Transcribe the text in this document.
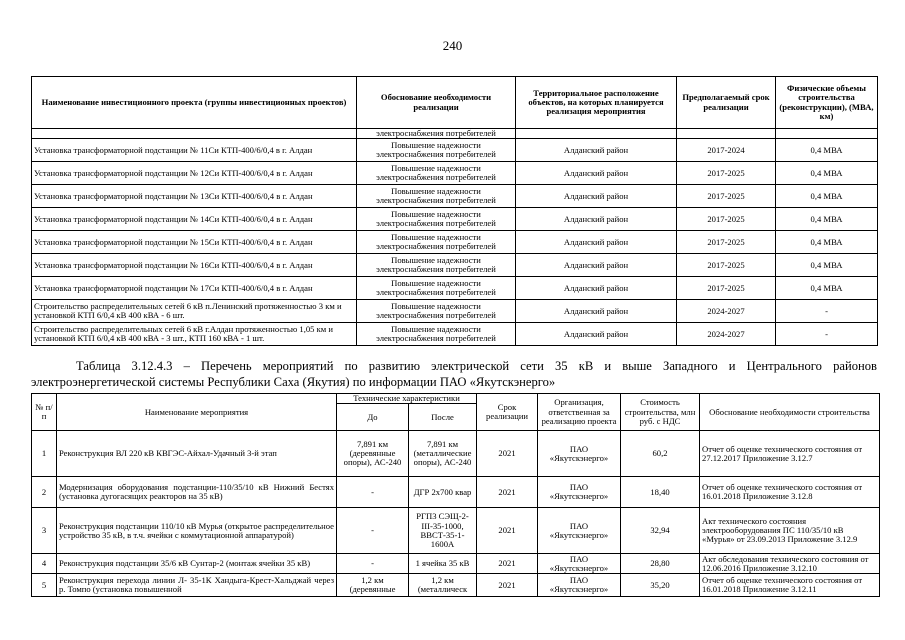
240
Наименование инвестиционного проекта (группы инвестиционных проектов)	Обоснование необходимости реализации	Территориальное расположение объектов, на которых планируется реализация мероприятия	Предполагаемый срок реализации	Физические объемы строительства (реконструкции), (МВА, км)
	электроснабжения потребителей			
Установка трансформаторной подстанции № 11Си КТП-400/6/0,4 в г. Алдан	Повышение надежности электроснабжения потребителей	Алданский район	2017-2024	0,4 МВА
Установка трансформаторной подстанции № 12Си КТП-400/6/0,4 в г. Алдан	Повышение надежности электроснабжения потребителей	Алданский район	2017-2025	0,4 МВА
Установка трансформаторной подстанции № 13Си КТП-400/6/0,4 в г. Алдан	Повышение надежности электроснабжения потребителей	Алданский район	2017-2025	0,4 МВА
Установка трансформаторной подстанции № 14Си КТП-400/6/0,4 в г. Алдан	Повышение надежности электроснабжения потребителей	Алданский район	2017-2025	0,4 МВА
Установка трансформаторной подстанции № 15Си КТП-400/6/0,4 в г. Алдан	Повышение надежности электроснабжения потребителей	Алданский район	2017-2025	0,4 МВА
Установка трансформаторной подстанции № 16Си КТП-400/6/0,4 в г. Алдан	Повышение надежности электроснабжения потребителей	Алданский район	2017-2025	0,4 МВА
Установка трансформаторной подстанции № 17Си КТП-400/6/0,4 в г. Алдан	Повышение надежности электроснабжения потребителей	Алданский район	2017-2025	0,4 МВА
Строительство распределительных сетей 6 кВ п.Ленинский протяженностью 3 км и установкой КТП 6/0,4 кВ 400 кВА - 6 шт.	Повышение надежности электроснабжения потребителей	Алданский район	2024-2027	-
Строительство распределительных сетей 6 кВ г.Алдан протяженностью 1,05 км и установкой КТП 6/0,4 кВ 400 кВА - 3 шт., КТП 160 кВА - 1 шт.	Повышение надежности электроснабжения потребителей	Алданский район	2024-2027	-
Таблица 3.12.4.3 – Перечень мероприятий по развитию электрической сети 35 кВ и выше Западного и Центрального районов электроэнергетической системы Республики Саха (Якутия) по информации ПАО «Якутскэнерго»
№ п/п	Наименование мероприятия	Технические характеристики		Срок реализации	Организация, ответственная за реализацию проекта	Стоимость строительства, млн руб. с НДС	Обоснование необходимости строительства
		До	После				
1	Реконструкция ВЛ 220 кВ КВГЭС-Айхал-Удачный 3-й этап	7,891 км (деревянные опоры), АС-240	7,891 км (металлические опоры), АС-240	2021	ПАО «Якутскэнерго»	60,2	Отчет об оценке технического состояния от 27.12.2017 Приложение 3.12.7
2	Модернизация оборудования подстанции-110/35/10 кВ Нижний Бестях (установка дугогасящих реакторов на 35 кВ)	-	ДГР 2х700 квар	2021	ПАО «Якутскэнерго»	18,40	Отчет об оценке технического состояния от 16.01.2018 Приложение 3.12.8
3	Реконструкция подстанции 110/10 кВ Мурья (открытое распределительное устройство 35 кВ, в т.ч. ячейки с коммутационной аппаратурой)	-	РГП3 СЭЩ-2-III-35-1000, ВВСТ-35-1-1600А	2021	ПАО «Якутскэнерго»	32,94	Акт технического состояния электрооборудования ПС 110/35/10 кВ «Мурья» от 23.09.2013 Приложение 3.12.9
4	Реконструкция подстанции 35/6 кВ Сунтар-2 (монтаж ячейки 35 кВ)	-	1 ячейка 35 кВ	2021	ПАО «Якутскэнерго»	28,80	Акт обследования технического состояния от 12.06.2016 Приложение 3.12.10
5	Реконструкция перехода линии Л- 35-1К Хандыга-Крест-Хальджай через р. Томпо (установка повышенной	1,2 км (деревянные	1,2 км (металлическ	2021	ПАО «Якутскэнерго»	35,20	Отчет об оценке технического состояния от 16.01.2018 Приложение 3.12.11
